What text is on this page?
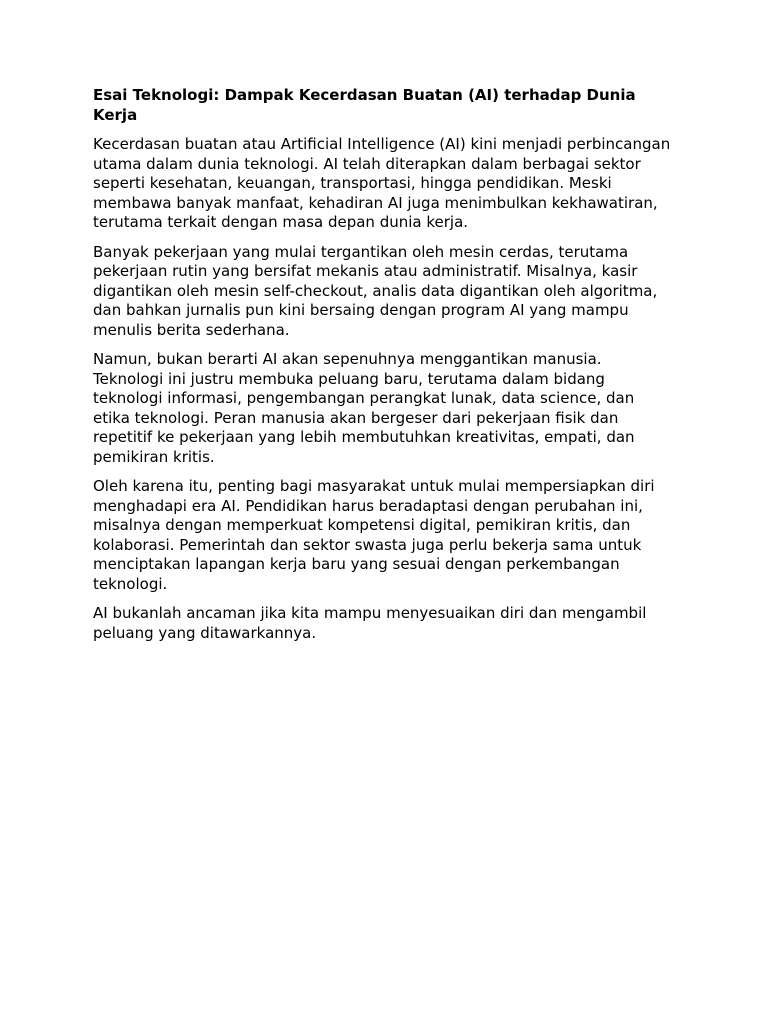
Esai Teknologi: Dampak Kecerdasan Buatan (AI) terhadap Dunia Kerja

Kecerdasan buatan atau Artificial Intelligence (AI) kini menjadi perbincangan utama dalam dunia teknologi. AI telah diterapkan dalam berbagai sektor seperti kesehatan, keuangan, transportasi, hingga pendidikan. Meski membawa banyak manfaat, kehadiran AI juga menimbulkan kekhawatiran, terutama terkait dengan masa depan dunia kerja.

Banyak pekerjaan yang mulai tergantikan oleh mesin cerdas, terutama pekerjaan rutin yang bersifat mekanis atau administratif. Misalnya, kasir digantikan oleh mesin self-checkout, analis data digantikan oleh algoritma, dan bahkan jurnalis pun kini bersaing dengan program AI yang mampu menulis berita sederhana.

Namun, bukan berarti AI akan sepenuhnya menggantikan manusia. Teknologi ini justru membuka peluang baru, terutama dalam bidang teknologi informasi, pengembangan perangkat lunak, data science, dan etika teknologi. Peran manusia akan bergeser dari pekerjaan fisik dan repetitif ke pekerjaan yang lebih membutuhkan kreativitas, empati, dan pemikiran kritis.

Oleh karena itu, penting bagi masyarakat untuk mulai mempersiapkan diri menghadapi era AI. Pendidikan harus beradaptasi dengan perubahan ini, misalnya dengan memperkuat kompetensi digital, pemikiran kritis, dan kolaborasi. Pemerintah dan sektor swasta juga perlu bekerja sama untuk menciptakan lapangan kerja baru yang sesuai dengan perkembangan teknologi.

AI bukanlah ancaman jika kita mampu menyesuaikan diri dan mengambil peluang yang ditawarkannya.
